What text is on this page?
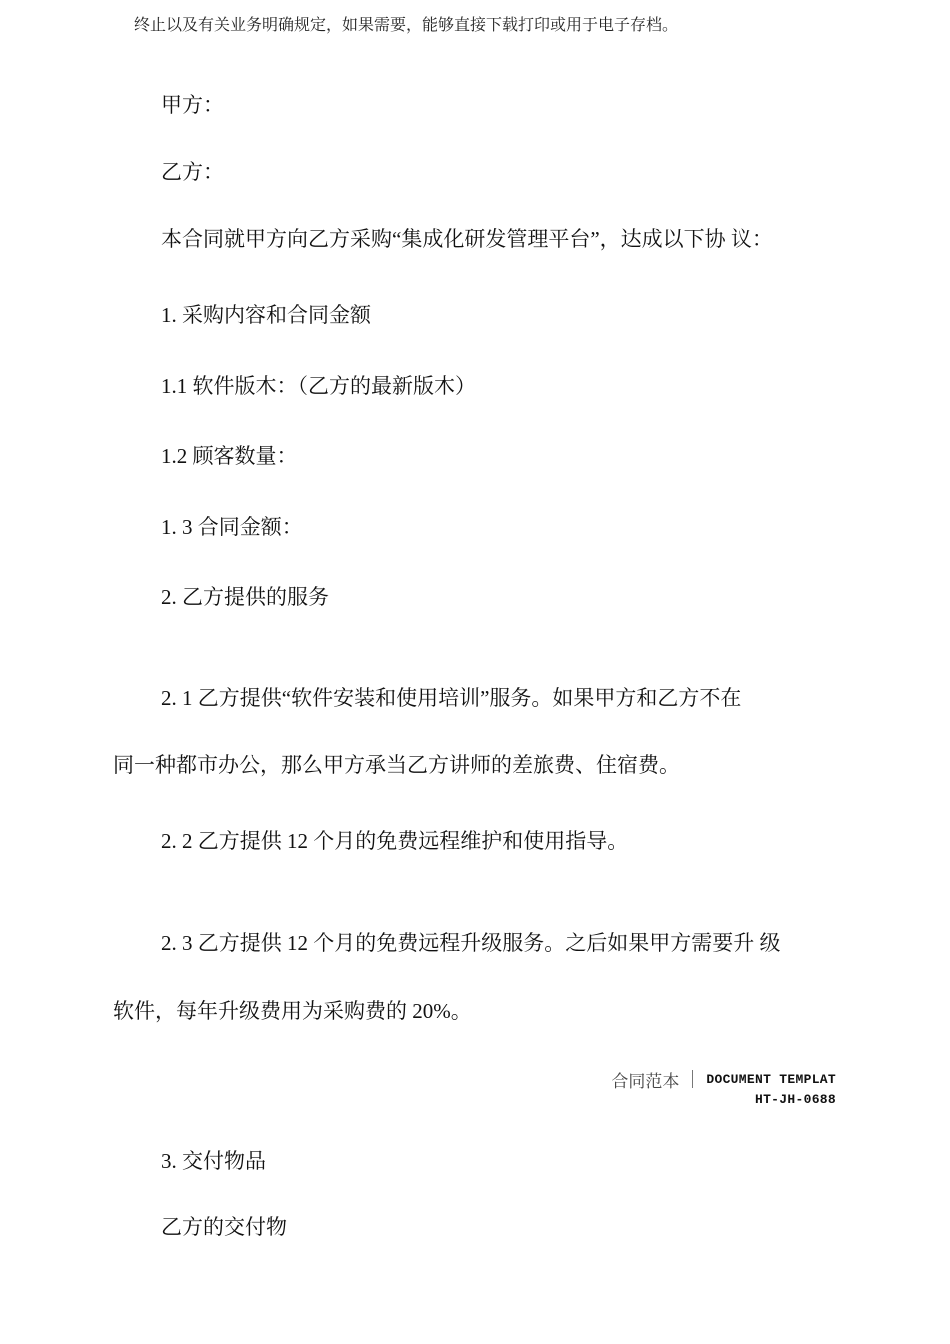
终止以及有关业务明确规定，如果需要，能够直接下载打印或用于电子存档。
甲方：
乙方：
本合同就甲方向乙方采购“集成化研发管理平台”，达成以下协 议：
1. 采购内容和合同金额
1.1 软件版木：（乙方的最新版木）
1.2 顾客数量：
1. 3 合同金额：
2. 乙方提供的服务
2. 1 乙方提供“软件安装和使用培训”服务。如果甲方和乙方不在
同一种都市办公，那么甲方承当乙方讲师的差旅费、住宿费。
2. 2 乙方提供 12 个月的免费远程维护和使用指导。
2. 3 乙方提供 12 个月的免费远程升级服务。之后如果甲方需要升 级
软件，每年升级费用为采购费的 20%。
合同范本 DOCUMENT TEMPLAT
HT-JH-0688
3. 交付物品
乙方的交付物
